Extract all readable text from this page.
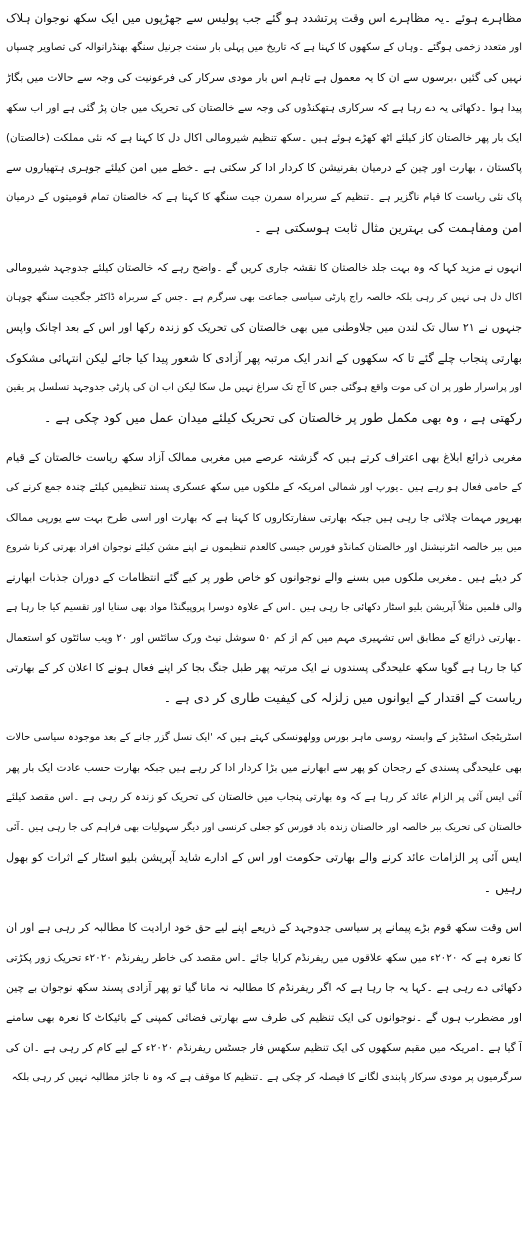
مظاہرے ہوئے ۔یہ مظاہرے اس وقت پرتشدد ہو گئے جب پولیس سے جھڑپوں میں ایک سکھ نوجوان ہلاک
اور متعدد زخمی ہوگئے ۔وہاں کے سکھوں کا کہنا ہے کہ تاریخ میں پہلی بار سنت جرنیل سنگھ بھنڈرانوالہ کی تصاویر چسپاں
نہیں کی گئیں ،برسوں سے ان کا یہ معمول ہے تاہم اس بار مودی سرکار کی فرعونیت کی وجہ سے حالات میں بگاڑ
پیدا ہوا ۔دکھائی یہ دے رہا ہے کہ سرکاری ہتھکنڈوں کی وجہ سے خالصتان کی تحریک میں جان پڑ گئی ہے اور اب سکھ
ایک بار پھر خالصتان کاز کیلئے اٹھ کھڑے ہوئے ہیں ۔سکھ تنظیم شیرومالی اکال دل کا کہنا ہے کہ نئی مملکت (خالصتان)
پاکستان ، بھارت اور چین کے درمیان بفرنیشن کا کردار ادا کر سکتی ہے ۔خطے میں امن کیلئے جوہری ہتھیاروں سے
پاک نئی ریاست کا قیام ناگزیر ہے ۔تنظیم کے سربراہ سمرن جیت سنگھ کا کہنا ہے کہ خالصتان تمام قومیتوں کے درمیان
امن ومفاہمت کی بہترین مثال ثابت ہوسکتی ہے ۔
انہوں نے مزید کہا کہ وہ بہت جلد خالصتان کا نقشہ جاری کریں گے ۔واضح رہے کہ خالصتان کیلئے جدوجہد شیرومالی
اکال دل ہی نہیں کر رہی بلکہ خالصہ راج پارٹی سیاسی جماعت بھی سرگرم ہے ۔جس کے سربراہ ڈاکٹر جگجیت سنگھ چوہان
جنہوں نے ۲۱ سال تک لندن میں جلاوطنی میں بھی خالصتان کی تحریک کو زندہ رکھا اور اس کے بعد اچانک واپس
بھارتی پنجاب چلے گئے تا کہ سکھوں کے اندر ایک مرتبہ پھر آزادی کا شعور پیدا کیا جائے لیکن انتہائی مشکوک
اور پراسرار طور پر ان کی موت واقع ہوگئی جس کا آج تک سراغ نہیں مل سکا لیکن اب ان کی پارٹی جدوجہد تسلسل پر یقین
رکھتی ہے ، وہ بھی مکمل طور پر خالصتان کی تحریک کیلئے میدان عمل میں کود چکی ہے ۔
مغربی ذرائع ابلاغ بھی اعتراف کرتے ہیں کہ گزشتہ عرصے میں مغربی ممالک آزاد سکھ ریاست خالصتان کے قیام
کے حامی فعال ہو رہے ہیں ۔یورپ اور شمالی امریکہ کے ملکوں میں سکھ عسکری پسند تنظیمیں کیلئے چندہ جمع کرنے کی
بھرپور مہمات چلائی جا رہی ہیں جبکہ بھارتی سفارتکاروں کا کہنا ہے کہ بھارت اور اسی طرح بہت سے یورپی ممالک
میں ببر خالصہ انٹرنیشنل اور خالصتان کمانڈو فورس جیسی کالعدم تنظیموں نے اپنے مشن کیلئے نوجوان افراد بھرتی کرنا شروع
کر دیئے ہیں ۔مغربی ملکوں میں بسنے والے نوجوانوں کو خاص طور پر کیے گئے انتظامات کے دوران جذبات ابھارنے
والی فلمیں مثلاً آپریشن بلیو اسٹار دکھائی جا رہی ہیں ۔اس کے علاوہ دوسرا پروپیگنڈا مواد بھی سنایا اور تقسیم کیا جا رہا ہے
۔بھارتی ذرائع کے مطابق اس تشہیری مہم میں کم از کم ۵۰ سوشل نیٹ ورک سائٹس اور ۲۰ ویب سائٹوں کو استعمال
کیا جا رہا ہے گویا سکھ علیحدگی پسندوں نے ایک مرتبہ پھر طبل جنگ بجا کر اپنے فعال ہونے کا اعلان کر کے بھارتی
ریاست کے اقتدار کے ایوانوں میں زلزلہ کی کیفیت طاری کر دی ہے ۔
اسٹریٹجک اسٹڈیز کے وابستہ روسی ماہر بورس وولھونسکی کہتے ہیں کہ 'ایک نسل گزر جانے کے بعد موجودہ سیاسی حالات
بھی علیحدگی پسندی کے رجحان کو پھر سے ابھارنے میں بڑا کردار ادا کر رہے ہیں جبکہ بھارت حسب عادت ایک بار پھر
آئی ایس آئی پر الزام عائد کر رہا ہے کہ وہ بھارتی پنجاب میں خالصتان کی تحریک کو زندہ کر رہی ہے ۔اس مقصد کیلئے
خالصتان کی تحریک ببر خالصہ اور خالصتان زندہ باد فورس کو جعلی کرنسی اور دیگر سہولیات بھی فراہم کی جا رہی ہیں ۔آئی
ایس آئی پر الزامات عائد کرنے والے بھارتی حکومت اور اس کے ادارے شاید آپریشن بلیو اسٹار کے اثرات کو بھول
رہیں ۔
اس وقت سکھ قوم بڑے پیمانے پر سیاسی جدوجہد کے ذریعے اپنے لیے حق خود ارادیت کا مطالبہ کر رہی ہے اور ان
کا نعرہ ہے کہ ۲۰۲۰ء میں سکھ علاقوں میں ریفرنڈم کرایا جائے ۔اس مقصد کی خاطر ریفرنڈم ۲۰۲۰ء تحریک زور پکڑتی
دکھائی دے رہی ہے ۔کہا یہ جا رہا ہے کہ اگر ریفرنڈم کا مطالبہ نہ مانا گیا تو پھر آزادی پسند سکھ نوجوان بے چین
اور مضطرب ہوں گے ۔نوجوانوں کی ایک تنظیم کی طرف سے بھارتی فضائی کمپنی کے بائیکاٹ کا نعرہ بھی سامنے
آ گیا ہے ۔امریکہ میں مقیم سکھوں کی ایک تنظیم سکھس فار جسٹس ریفرنڈم ۲۰۲۰ء کے لیے کام کر رہی ہے ۔ان کی
سرگرمیوں پر مودی سرکار پابندی لگانے کا فیصلہ کر چکی ہے ۔تنظیم کا موقف ہے کہ وہ نا جائز مطالبہ نہیں کر رہی بلکہ
